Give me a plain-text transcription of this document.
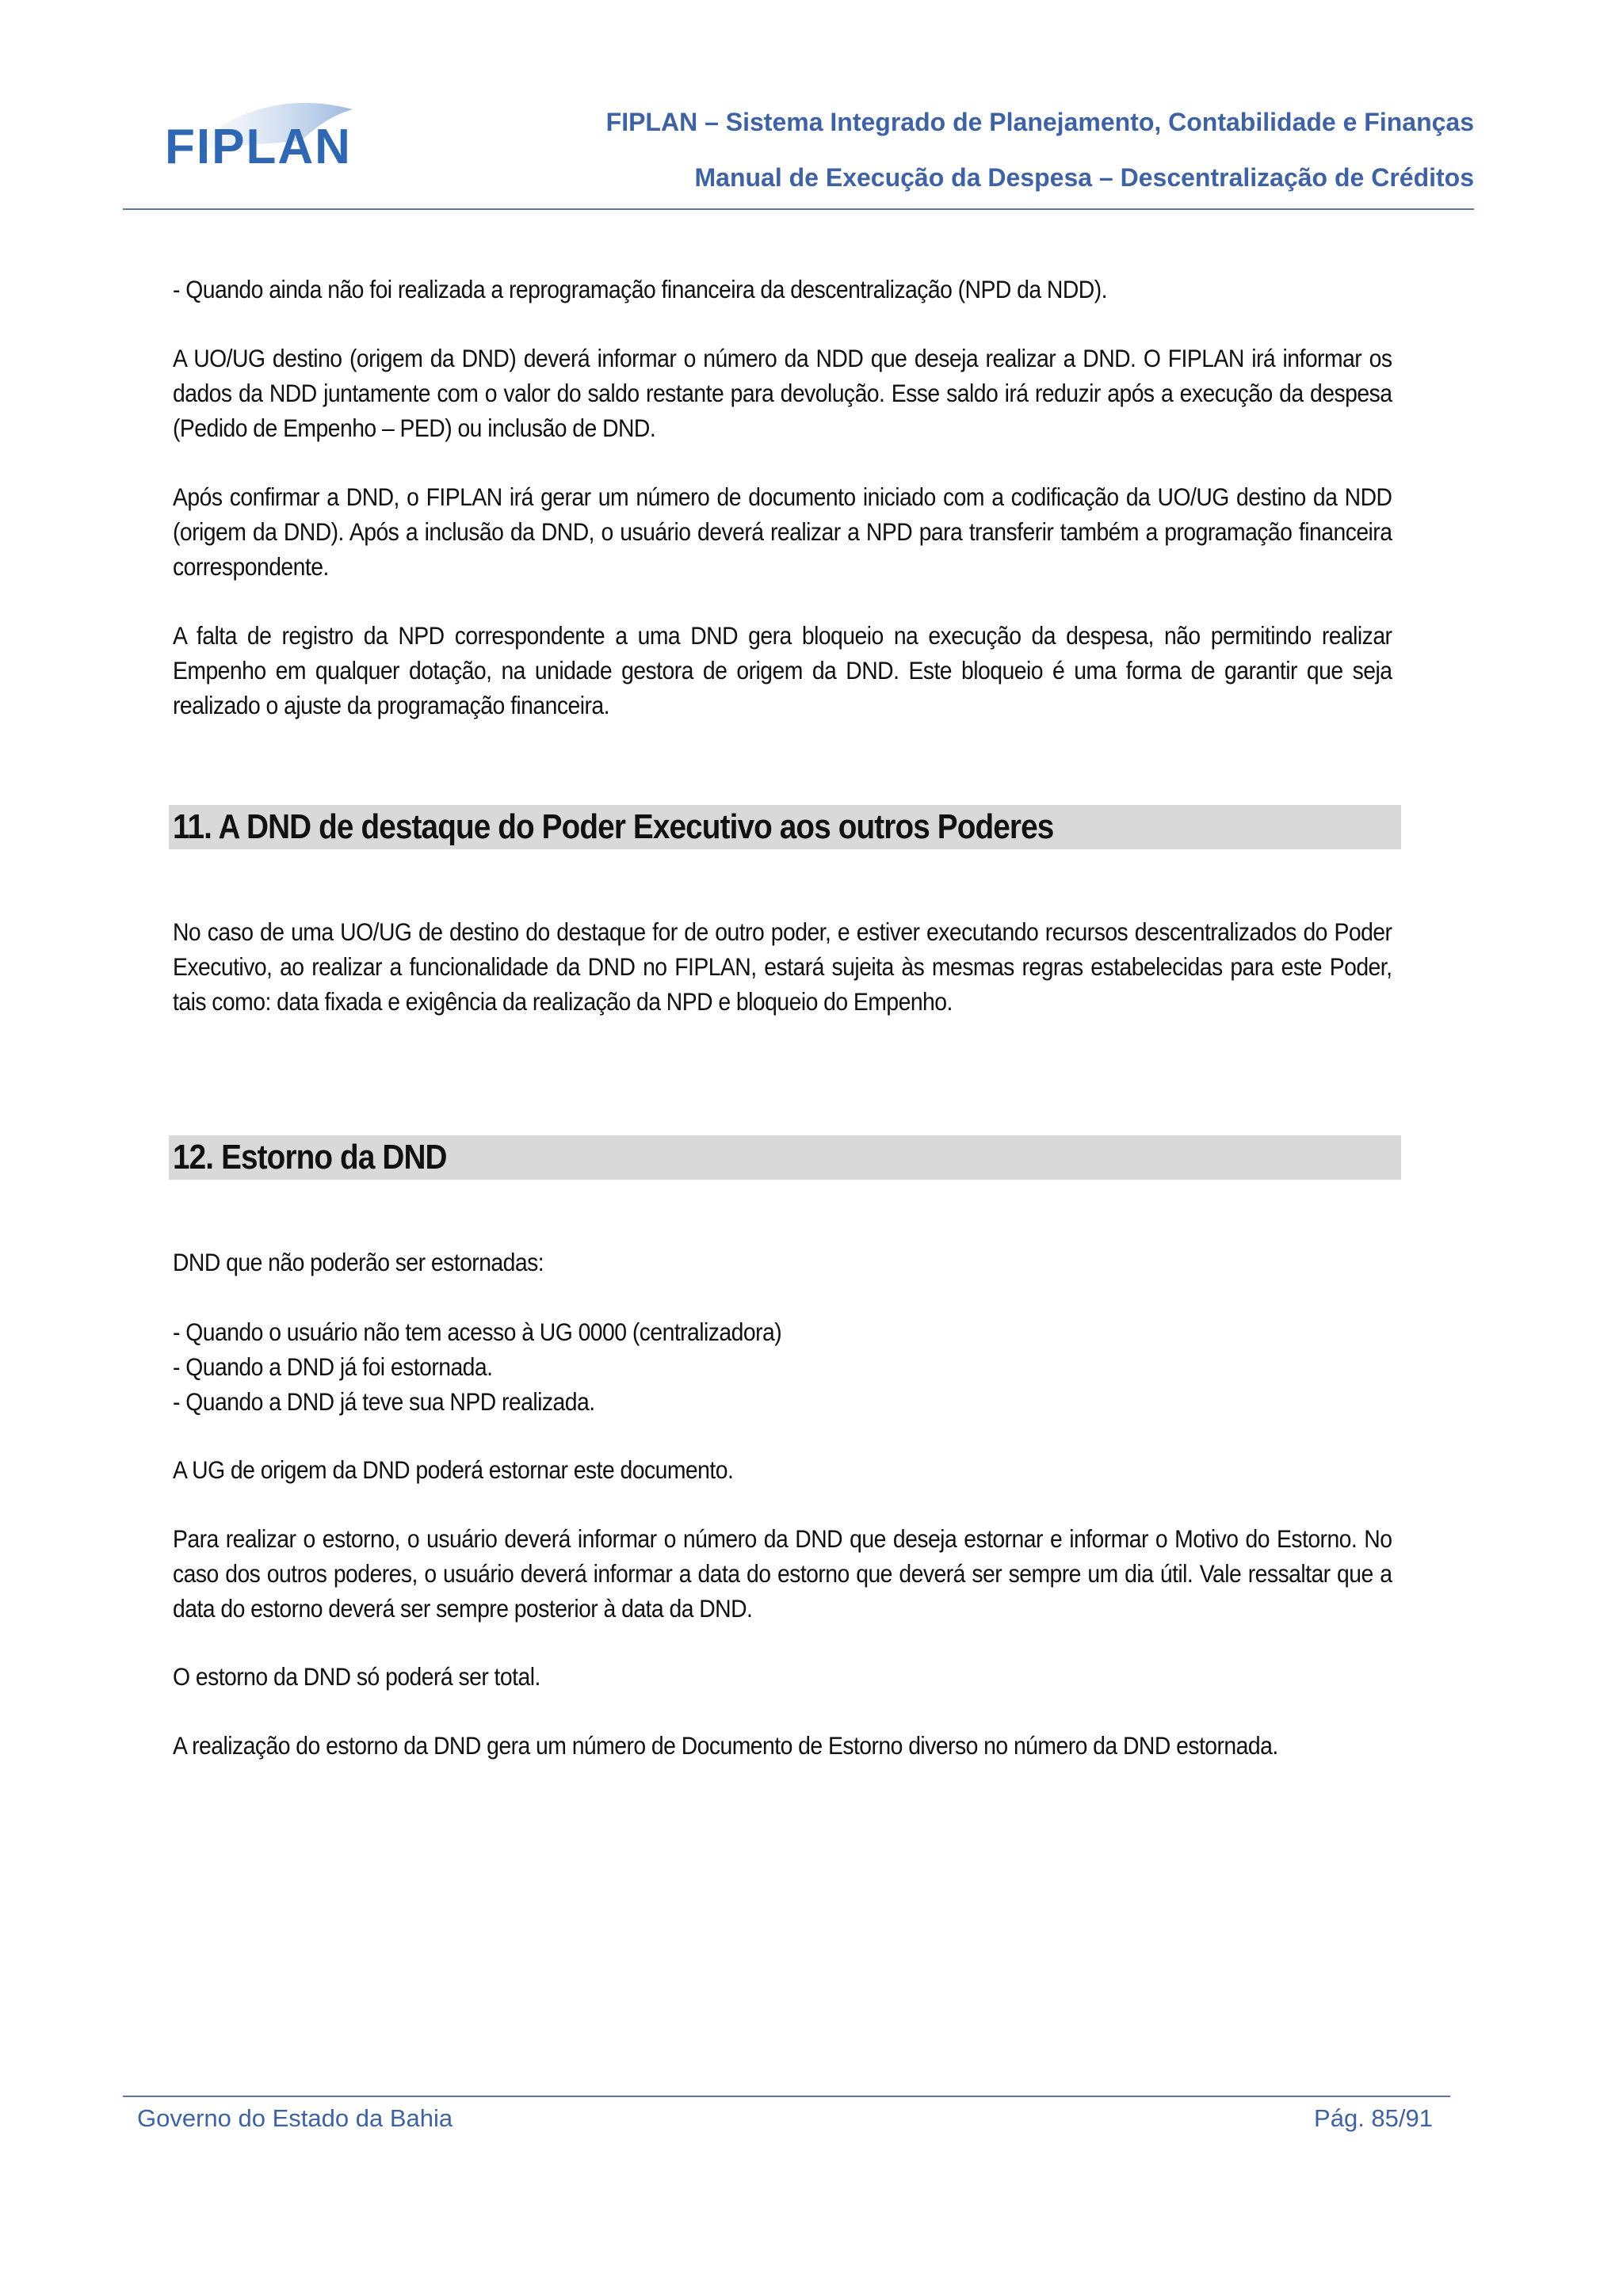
FIPLAN	FIPLAN – Sistema Integrado de Planejamento, Contabilidade e Finanças
Manual de Execução da Despesa – Descentralização de Créditos

- Quando ainda não foi realizada a reprogramação financeira da descentralização (NPD da NDD).

A UO/UG destino (origem da DND) deverá informar o número da NDD que deseja realizar a DND. O FIPLAN irá informar os dados da NDD juntamente com o valor do saldo restante para devolução. Esse saldo irá reduzir após a execução da despesa (Pedido de Empenho – PED) ou inclusão de DND.

Após confirmar a DND, o FIPLAN irá gerar um número de documento iniciado com a codificação da UO/UG destino da NDD (origem da DND). Após a inclusão da DND, o usuário deverá realizar a NPD para transferir também a programação financeira correspondente.

A falta de registro da NPD correspondente a uma DND gera bloqueio na execução da despesa, não permitindo realizar Empenho em qualquer dotação, na unidade gestora de origem da DND. Este bloqueio é uma forma de garantir que seja realizado o ajuste da programação financeira.

11. A DND de destaque do Poder Executivo aos outros Poderes

No caso de uma UO/UG de destino do destaque for de outro poder, e estiver executando recursos descentralizados do Poder Executivo, ao realizar a funcionalidade da DND no FIPLAN, estará sujeita às mesmas regras estabelecidas para este Poder, tais como: data fixada e exigência da realização da NPD e bloqueio do Empenho.

12. Estorno da DND

DND que não poderão ser estornadas:

- Quando o usuário não tem acesso à UG 0000 (centralizadora)

- Quando a DND já foi estornada.

- Quando a DND já teve sua NPD realizada.

A UG de origem da DND poderá estornar este documento.

Para realizar o estorno, o usuário deverá informar o número da DND que deseja estornar e informar o Motivo do Estorno. No caso dos outros poderes, o usuário deverá informar a data do estorno que deverá ser sempre um dia útil. Vale ressaltar que a data do estorno deverá ser sempre posterior à data da DND.

O estorno da DND só poderá ser total.

A realização do estorno da DND gera um número de Documento de Estorno diverso no número da DND estornada.

Governo do Estado da Bahia	Pág. 85/91
